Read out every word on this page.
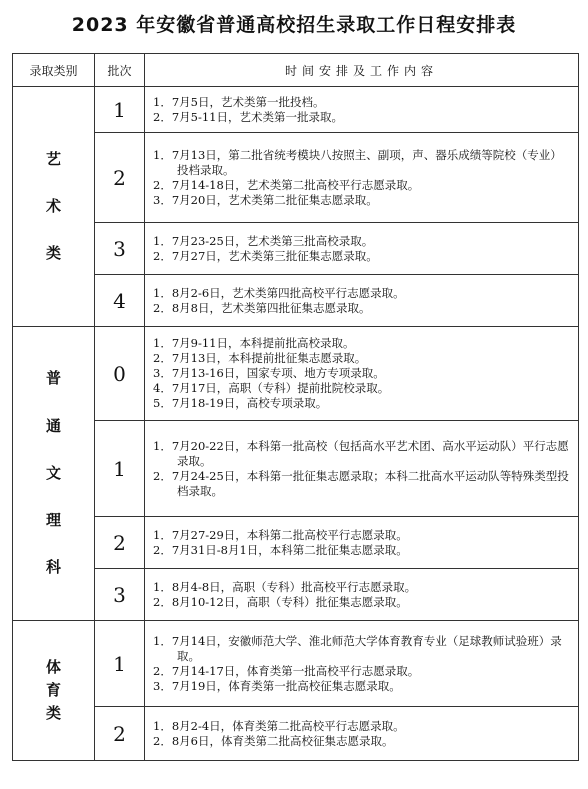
2023 年安徽省普通高校招生录取工作日程安排表
录取类别	批次	时间安排及工作内容

艺
术
类	1	1．7月5日，艺术类第一批投档。
2．7月5-11日，艺术类第一批录取。

	2	1．7月13日，第二批省统考模块八按照主、副项，声、器乐成绩等院校（专业）投档录取。
2．7月14-18日，艺术类第二批高校平行志愿录取。
3．7月20日，艺术类第二批征集志愿录取。

	3	1．7月23-25日，艺术类第三批高校录取。
2．7月27日，艺术类第三批征集志愿录取。

	4	1．8月2-6日，艺术类第四批高校平行志愿录取。
2．8月8日，艺术类第四批征集志愿录取。

普
通
文
理
科	0	1．7月9-11日，本科提前批高校录取。
2．7月13日，本科提前批征集志愿录取。
3．7月13-16日，国家专项、地方专项录取。
4．7月17日，高职（专科）提前批院校录取。
5．7月18-19日，高校专项录取。

	1	1．7月20-22日，本科第一批高校（包括高水平艺术团、高水平运动队）平行志愿录取。
2．7月24-25日，本科第一批征集志愿录取；本科二批高水平运动队等特殊类型投档录取。

	2	1．7月27-29日，本科第二批高校平行志愿录取。
2．7月31日-8月1日，本科第二批征集志愿录取。

	3	1．8月4-8日，高职（专科）批高校平行志愿录取。
2．8月10-12日，高职（专科）批征集志愿录取。

体
育
类	1	1．7月14日，安徽师范大学、淮北师范大学体育教育专业（足球教师试验班）录取。
2．7月14-17日，体育类第一批高校平行志愿录取。
3．7月19日，体育类第一批高校征集志愿录取。

	2	1．8月2-4日，体育类第二批高校平行志愿录取。
2．8月6日，体育类第二批高校征集志愿录取。
